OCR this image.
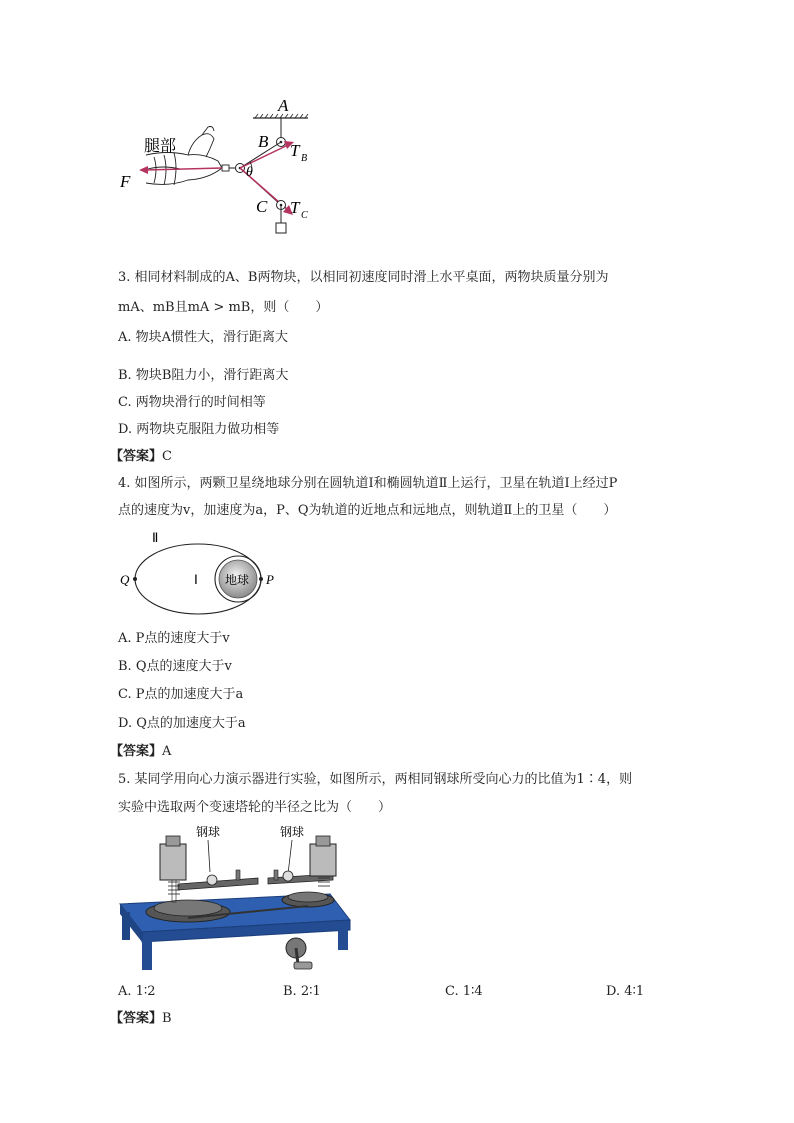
A
B T B
θ
C T C
F
腿部
3. 相同材料制成的A、B两物块，以相同初速度同时滑上水平桌面，两物块质量分别为
mA、mB且mA > mB，则（　　）
A. 物块A惯性大，滑行距离大
B. 物块B阻力小，滑行距离大
C. 两物块滑行的时间相等
D. 两物块克服阻力做功相等
【答案】C
4. 如图所示，两颗卫星绕地球分别在圆轨道Ⅰ和椭圆轨道Ⅱ上运行，卫星在轨道Ⅰ上经过P
点的速度为v，加速度为a，P、Q为轨道的近地点和远地点，则轨道Ⅱ上的卫星（　　）
Ⅱ
地球
Ⅰ
Q	P
A. P点的速度大于v
B. Q点的速度大于v
C. P点的加速度大于a
D. Q点的加速度大于a
【答案】A
5. 某同学用向心力演示器进行实验，如图所示，两相同钢球所受向心力的比值为1∶4，则
实验中选取两个变速塔轮的半径之比为（　　）
钢球	钢球
A. 1∶2	B. 2∶1	C. 1∶4	D. 4∶1
【答案】B
